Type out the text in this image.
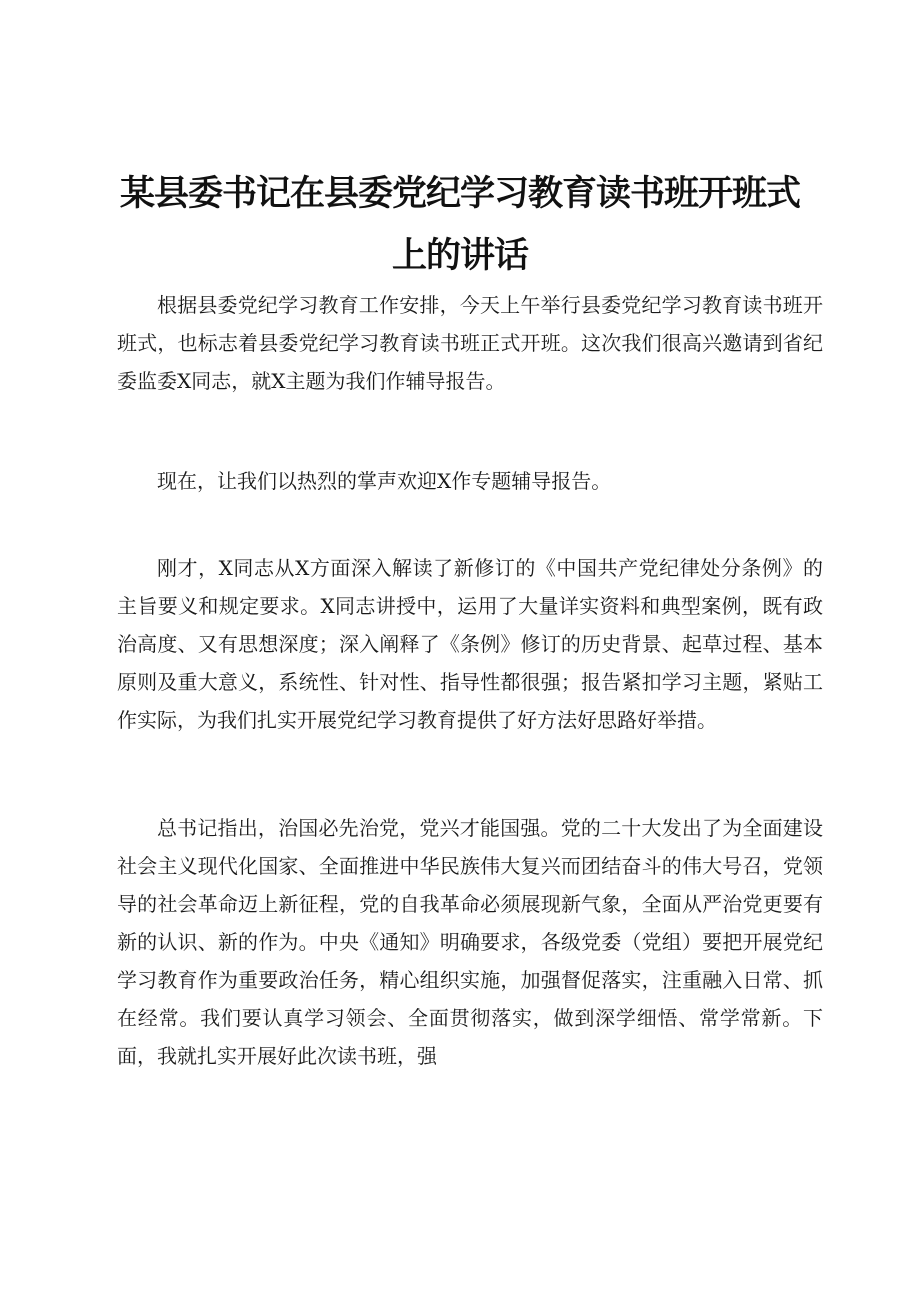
某县委书记在县委党纪学习教育读书班开班式
上的讲话

根据县委党纪学习教育工作安排，今天上午举行县委党纪学习教育读书班开班式，也标志着县委党纪学习教育读书班正式开班。这次我们很高兴邀请到省纪委监委X同志，就X主题为我们作辅导报告。

现在，让我们以热烈的掌声欢迎X作专题辅导报告。

刚才，X同志从X方面深入解读了新修订的《中国共产党纪律处分条例》的主旨要义和规定要求。X同志讲授中，运用了大量详实资料和典型案例，既有政治高度、又有思想深度；深入阐释了《条例》修订的历史背景、起草过程、基本原则及重大意义，系统性、针对性、指导性都很强；报告紧扣学习主题，紧贴工作实际，为我们扎实开展党纪学习教育提供了好方法好思路好举措。

总书记指出，治国必先治党，党兴才能国强。党的二十大发出了为全面建设社会主义现代化国家、全面推进中华民族伟大复兴而团结奋斗的伟大号召，党领导的社会革命迈上新征程，党的自我革命必须展现新气象，全面从严治党更要有新的认识、新的作为。中央《通知》明确要求，各级党委（党组）要把开展党纪学习教育作为重要政治任务，精心组织实施，加强督促落实，注重融入日常、抓在经常。我们要认真学习领会、全面贯彻落实，做到深学细悟、常学常新。下面，我就扎实开展好此次读书班，强
